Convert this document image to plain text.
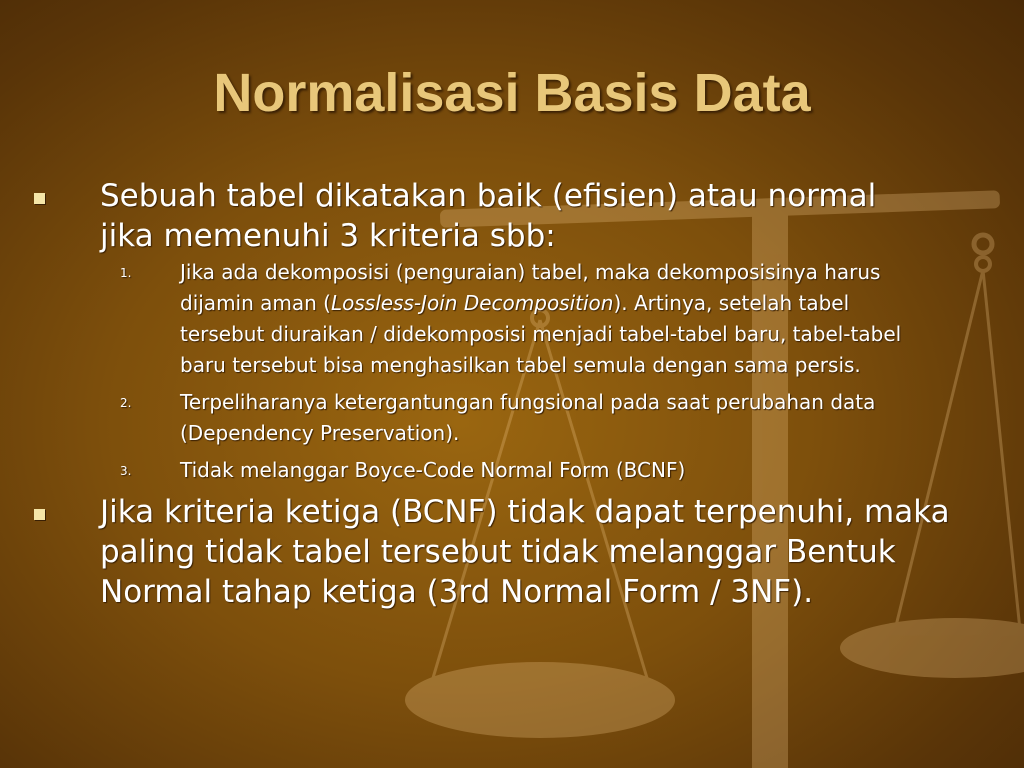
Normalisasi Basis Data
Sebuah tabel dikatakan baik (efisien) atau normal jika memenuhi 3 kriteria sbb:
1. Jika ada dekomposisi (penguraian) tabel, maka dekomposisinya harus dijamin aman (Lossless-Join Decomposition). Artinya, setelah tabel tersebut diuraikan / didekomposisi menjadi tabel-tabel baru, tabel-tabel baru tersebut bisa menghasilkan tabel semula dengan sama persis.
2. Terpeliharanya ketergantungan fungsional pada saat perubahan data (Dependency Preservation).
3. Tidak melanggar Boyce-Code Normal Form (BCNF)
Jika kriteria ketiga (BCNF) tidak dapat terpenuhi, maka paling tidak tabel tersebut tidak melanggar Bentuk Normal tahap ketiga (3rd Normal Form / 3NF).
